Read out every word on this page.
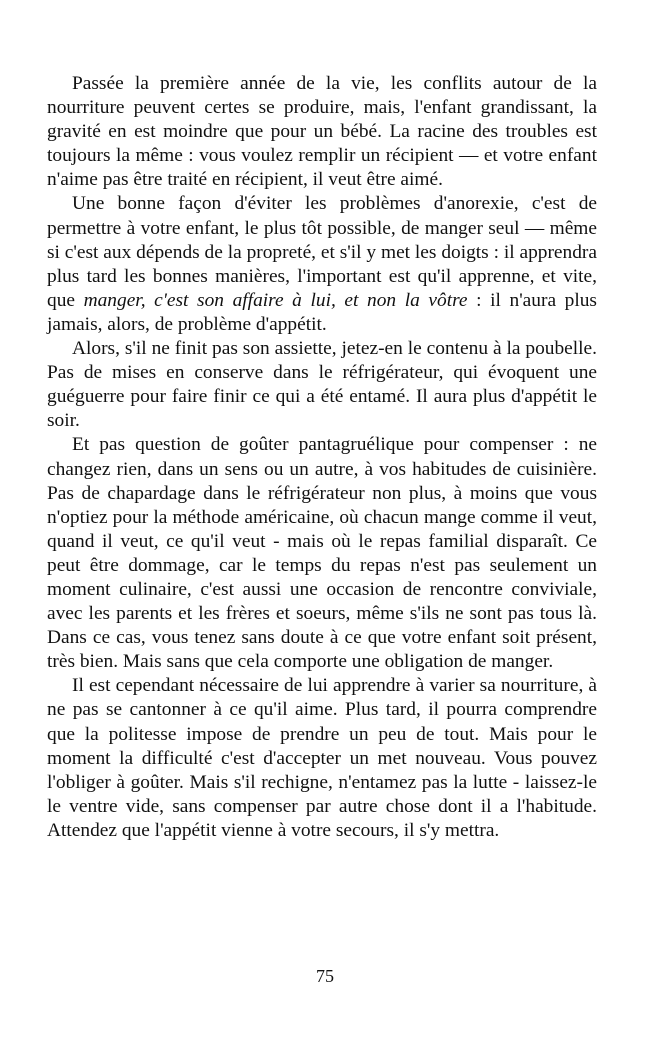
Passée la première année de la vie, les conflits autour de la nourriture peuvent certes se produire, mais, l'enfant grandissant, la gravité en est moindre que pour un bébé. La racine des troubles est toujours la même : vous voulez remplir un récipient — et votre enfant n'aime pas être traité en récipient, il veut être aimé.

Une bonne façon d'éviter les problèmes d'anorexie, c'est de permettre à votre enfant, le plus tôt possible, de manger seul — même si c'est aux dépends de la propreté, et s'il y met les doigts : il apprendra plus tard les bonnes manières, l'important est qu'il apprenne, et vite, que manger, c'est son affaire à lui, et non la vôtre : il n'aura plus jamais, alors, de problème d'appétit.

Alors, s'il ne finit pas son assiette, jetez-en le contenu à la poubelle. Pas de mises en conserve dans le réfrigérateur, qui évoquent une guéguerre pour faire finir ce qui a été entamé. Il aura plus d'appétit le soir.

Et pas question de goûter pantagruélique pour compenser : ne changez rien, dans un sens ou un autre, à vos habitudes de cuisinière. Pas de chapardage dans le réfrigérateur non plus, à moins que vous n'optiez pour la méthode américaine, où chacun mange comme il veut, quand il veut, ce qu'il veut - mais où le repas familial disparaît. Ce peut être dommage, car le temps du repas n'est pas seulement un moment culinaire, c'est aussi une occasion de rencontre conviviale, avec les parents et les frères et soeurs, même s'ils ne sont pas tous là. Dans ce cas, vous tenez sans doute à ce que votre enfant soit présent, très bien. Mais sans que cela comporte une obligation de manger.

Il est cependant nécessaire de lui apprendre à varier sa nourriture, à ne pas se cantonner à ce qu'il aime. Plus tard, il pourra comprendre que la politesse impose de prendre un peu de tout. Mais pour le moment la difficulté c'est d'accepter un met nouveau. Vous pouvez l'obliger à goûter. Mais s'il rechigne, n'entamez pas la lutte - laissez-le le ventre vide, sans compenser par autre chose dont il a l'habitude. Attendez que l'appétit vienne à votre secours, il s'y mettra.

75
